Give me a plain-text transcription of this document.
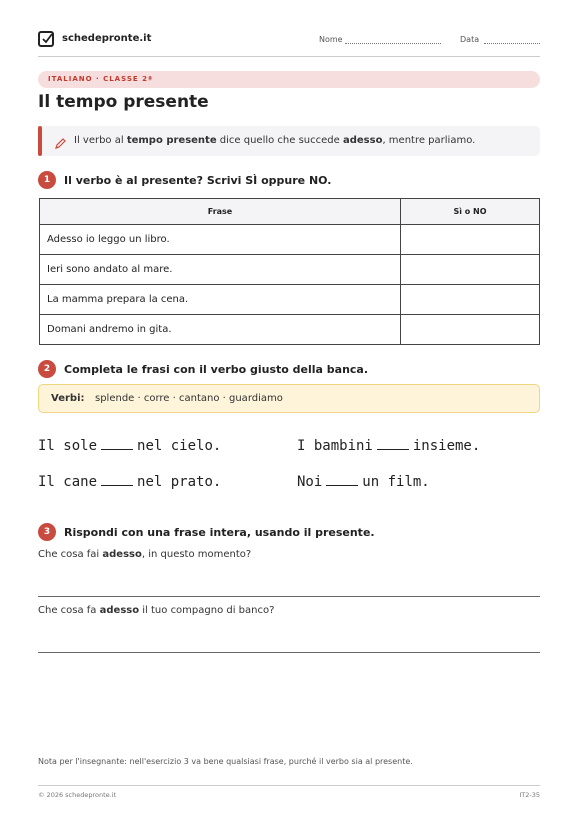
schedepronte.it	Nome	Data
ITALIANO · CLASSE 2ª
Il tempo presente
Il verbo al tempo presente dice quello che succede adesso, mentre parliamo.
1	Il verbo è al presente? Scrivi SÌ oppure NO.
Frase	Sì o NO
Adesso io leggo un libro.	
Ieri sono andato al mare.	
La mamma prepara la cena.	
Domani andremo in gita.	
2	Completa le frasi con il verbo giusto della banca.
Verbi: splende · corre · cantano · guardiamo
Il sole	nel cielo.	I bambini	insieme.
Il cane	nel prato.	Noi	un film.
3	Rispondi con una frase intera, usando il presente.
Che cosa fai adesso, in questo momento?
Che cosa fa adesso il tuo compagno di banco?
Nota per l'insegnante: nell'esercizio 3 va bene qualsiasi frase, purché il verbo sia al presente.
© 2026 schedepronte.it	IT2-35
